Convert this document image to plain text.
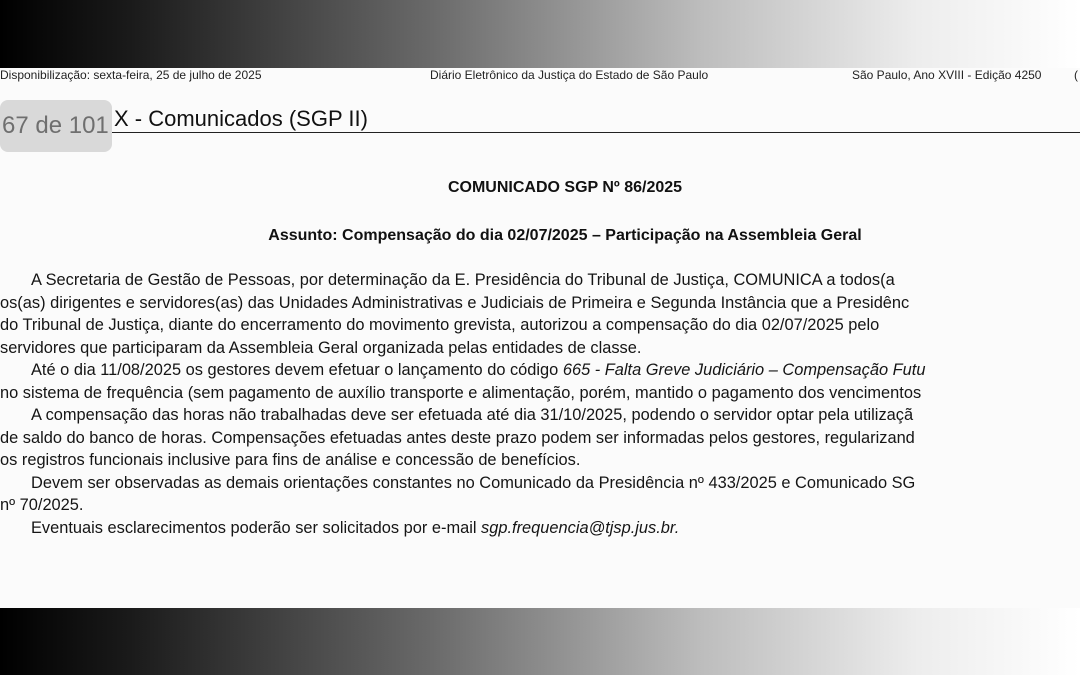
Disponibilização: sexta-feira, 25 de julho de 2025	Diário Eletrônico da Justiça do Estado de São Paulo	São Paulo, Ano XVIII - Edição 4250	(
67 de 101 X - Comunicados (SGP II)
COMUNICADO SGP Nº 86/2025
Assunto: Compensação do dia 02/07/2025 – Participação na Assembleia Geral
A Secretaria de Gestão de Pessoas, por determinação da E. Presidência do Tribunal de Justiça, COMUNICA a todos(a
os(as) dirigentes e servidores(as) das Unidades Administrativas e Judiciais de Primeira e Segunda Instância que a Presidênc
do Tribunal de Justiça, diante do encerramento do movimento grevista, autorizou a compensação do dia 02/07/2025 pelo
servidores que participaram da Assembleia Geral organizada pelas entidades de classe.
Até o dia 11/08/2025 os gestores devem efetuar o lançamento do código 665 - Falta Greve Judiciário – Compensação Futu
no sistema de frequência (sem pagamento de auxílio transporte e alimentação, porém, mantido o pagamento dos vencimentos
A compensação das horas não trabalhadas deve ser efetuada até dia 31/10/2025, podendo o servidor optar pela utilizaçã
de saldo do banco de horas. Compensações efetuadas antes deste prazo podem ser informadas pelos gestores, regularizand
os registros funcionais inclusive para fins de análise e concessão de benefícios.
Devem ser observadas as demais orientações constantes no Comunicado da Presidência nº 433/2025 e Comunicado SG
nº 70/2025.
Eventuais esclarecimentos poderão ser solicitados por e-mail sgp.frequencia@tjsp.jus.br.
